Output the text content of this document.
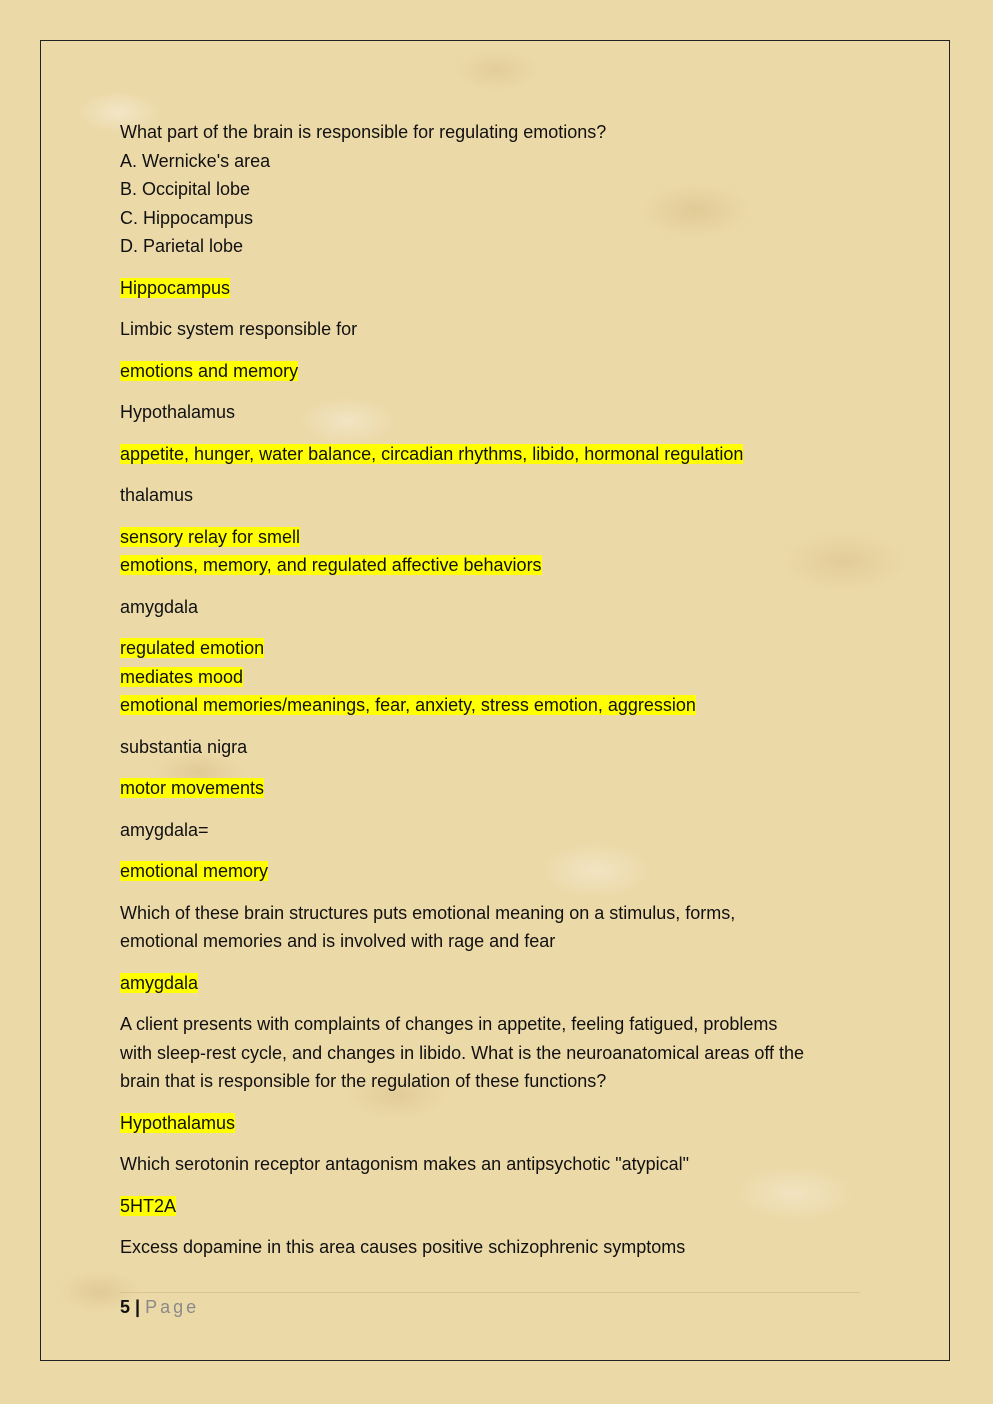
What part of the brain is responsible for regulating emotions?
A. Wernicke's area
B. Occipital lobe
C. Hippocampus
D. Parietal lobe
Hippocampus
Limbic system responsible for
emotions and memory
Hypothalamus
appetite, hunger, water balance, circadian rhythms, libido, hormonal regulation
thalamus
sensory relay for smell
emotions, memory, and regulated affective behaviors
amygdala
regulated emotion
mediates mood
emotional memories/meanings, fear, anxiety, stress emotion, aggression
substantia nigra
motor movements
amygdala=
emotional memory
Which of these brain structures puts emotional meaning on a stimulus, forms,
emotional memories and is involved with rage and fear
amygdala
A client presents with complaints of changes in appetite, feeling fatigued, problems
with sleep-rest cycle, and changes in libido. What is the neuroanatomical areas off the
brain that is responsible for the regulation of these functions?
Hypothalamus
Which serotonin receptor antagonism makes an antipsychotic "atypical"
5HT2A
Excess dopamine in this area causes positive schizophrenic symptoms
5 | Page
